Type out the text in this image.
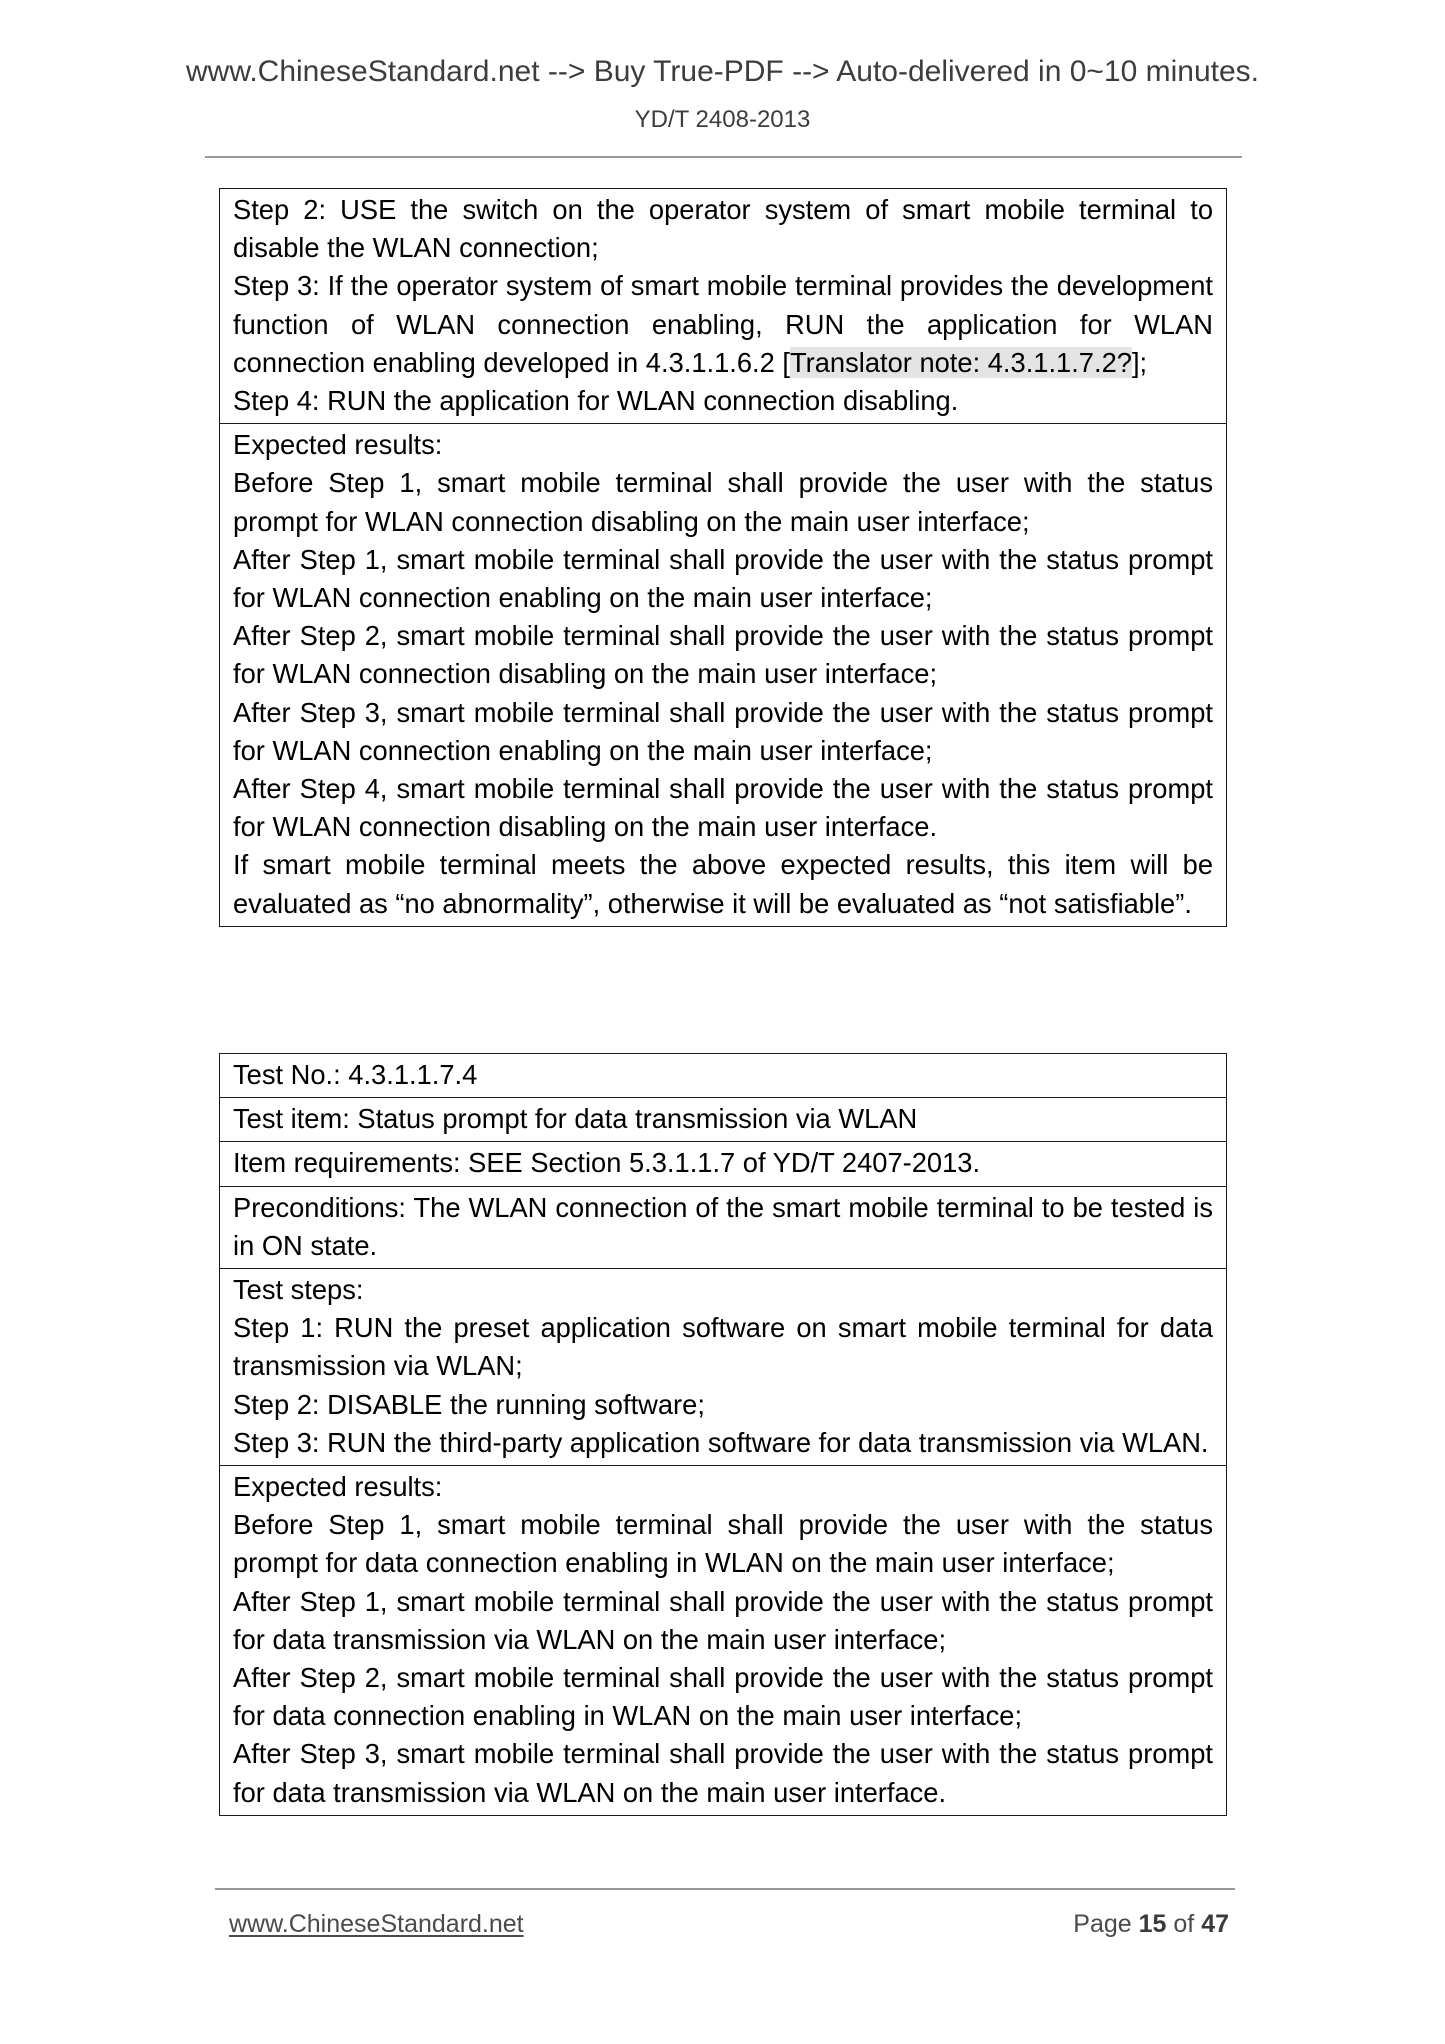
www.ChineseStandard.net --> Buy True-PDF --> Auto-delivered in 0~10 minutes.
YD/T 2408-2013

Step 2: USE the switch on the operator system of smart mobile terminal to disable the WLAN connection;

Step 3: If the operator system of smart mobile terminal provides the development function of WLAN connection enabling, RUN the application for WLAN connection enabling developed in 4.3.1.1.6.2 [Translator note: 4.3.1.1.7.2?];

Step 4: RUN the application for WLAN connection disabling.

Expected results:

Before Step 1, smart mobile terminal shall provide the user with the status prompt for WLAN connection disabling on the main user interface;

After Step 1, smart mobile terminal shall provide the user with the status prompt for WLAN connection enabling on the main user interface;

After Step 2, smart mobile terminal shall provide the user with the status prompt for WLAN connection disabling on the main user interface;

After Step 3, smart mobile terminal shall provide the user with the status prompt for WLAN connection enabling on the main user interface;

After Step 4, smart mobile terminal shall provide the user with the status prompt for WLAN connection disabling on the main user interface.

If smart mobile terminal meets the above expected results, this item will be evaluated as “no abnormality”, otherwise it will be evaluated as “not satisfiable”.

Test No.: 4.3.1.1.7.4
Test item: Status prompt for data transmission via WLAN
Item requirements: SEE Section 5.3.1.1.7 of YD/T 2407-2013.
Preconditions: The WLAN connection of the smart mobile terminal to be tested is in ON state.

Test steps:

Step 1: RUN the preset application software on smart mobile terminal for data transmission via WLAN;

Step 2: DISABLE the running software;

Step 3: RUN the third-party application software for data transmission via WLAN.

Expected results:

Before Step 1, smart mobile terminal shall provide the user with the status prompt for data connection enabling in WLAN on the main user interface;

After Step 1, smart mobile terminal shall provide the user with the status prompt for data transmission via WLAN on the main user interface;

After Step 2, smart mobile terminal shall provide the user with the status prompt for data connection enabling in WLAN on the main user interface;

After Step 3, smart mobile terminal shall provide the user with the status prompt for data transmission via WLAN on the main user interface.

www.ChineseStandard.net	Page 15 of 47
